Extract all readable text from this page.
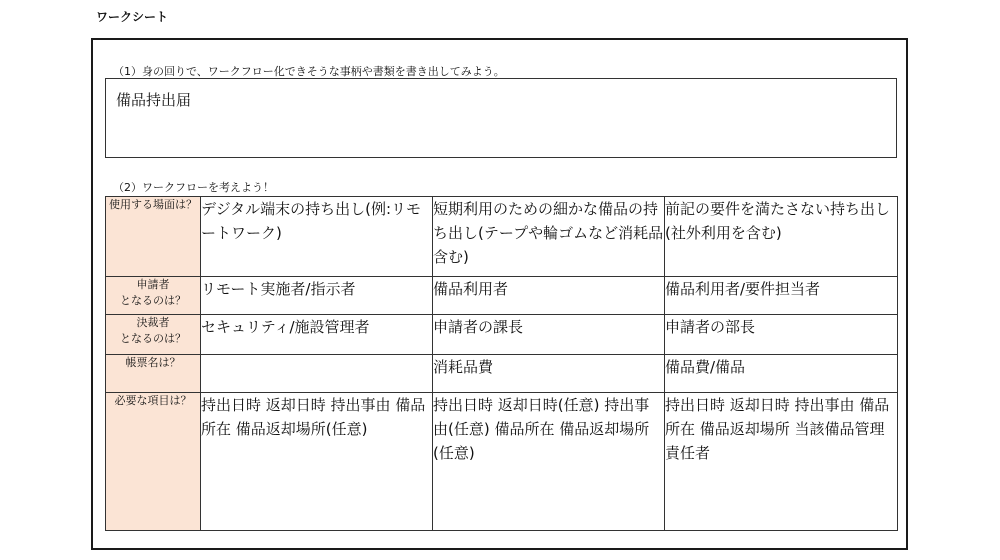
ワークシート
（1）身の回りで、ワークフロー化できそうな事柄や書類を書き出してみよう。
備品持出届
（2）ワークフローを考えよう！
使用する場面は？	デジタル端末の持ち出し(例:リモートワーク)	短期利用のための細かな備品の持ち出し(テープや輪ゴムなど消耗品含む)	前記の要件を満たさない持ち出し(社外利用を含む)

申請者
となるのは？	リモート実施者/指示者	備品利用者	備品利用者/要件担当者

決裁者
となるのは？	セキュリティ/施設管理者	申請者の課長	申請者の部長

帳票名は？		消耗品費	備品費/備品

必要な項目は？	持出日時 返却日時 持出事由 備品所在 備品返却場所(任意)	持出日時 返却日時(任意) 持出事由(任意) 備品所在 備品返却場所(任意)	持出日時 返却日時 持出事由 備品所在 備品返却場所 当該備品管理責任者
